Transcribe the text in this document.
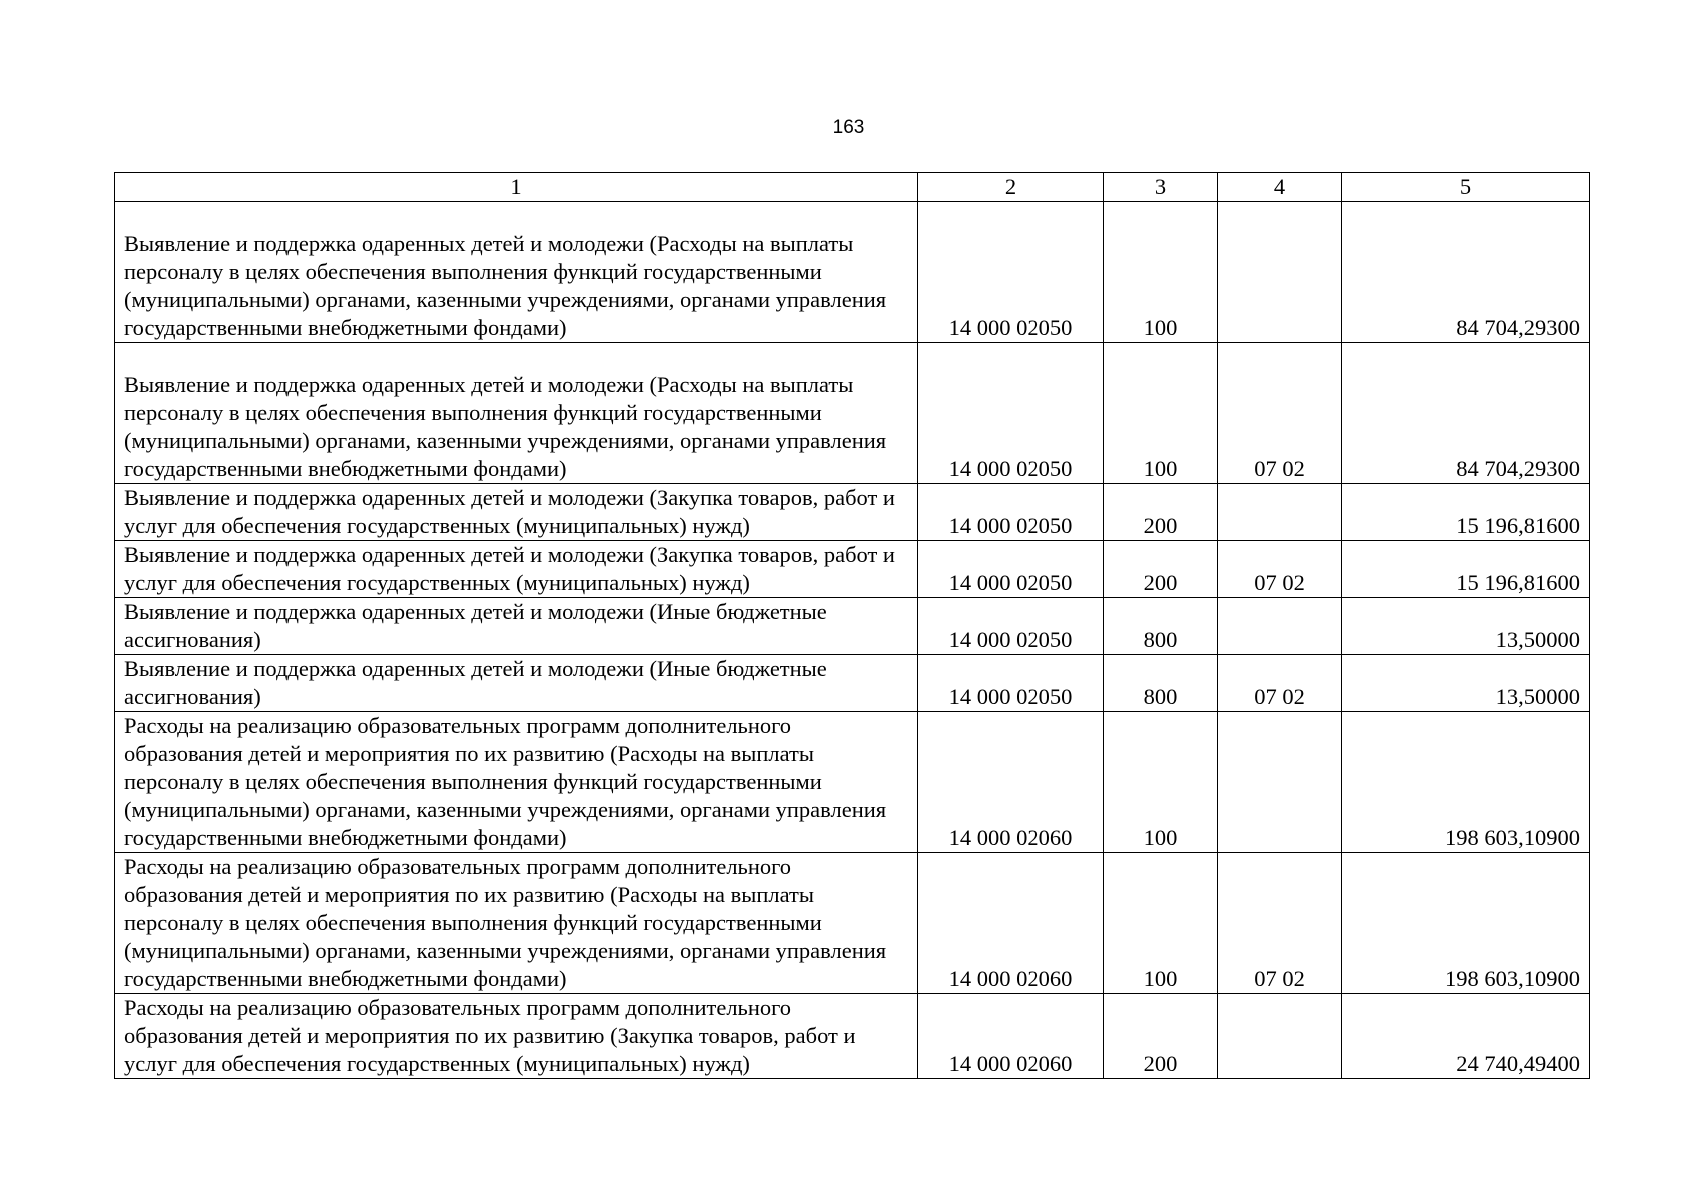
163
1	2	3	4	5
Выявление и поддержка одаренных детей и молодежи (Расходы на выплаты персоналу в целях обеспечения выполнения функций государственными (муниципальными) органами, казенными учреждениями, органами управления государственными внебюджетными фондами)	14 000 02050	100		84 704,29300
Выявление и поддержка одаренных детей и молодежи (Расходы на выплаты персоналу в целях обеспечения выполнения функций государственными (муниципальными) органами, казенными учреждениями, органами управления государственными внебюджетными фондами)	14 000 02050	100	07 02	84 704,29300
Выявление и поддержка одаренных детей и молодежи (Закупка товаров, работ и услуг для обеспечения государственных (муниципальных) нужд)	14 000 02050	200		15 196,81600
Выявление и поддержка одаренных детей и молодежи (Закупка товаров, работ и услуг для обеспечения государственных (муниципальных) нужд)	14 000 02050	200	07 02	15 196,81600
Выявление и поддержка одаренных детей и молодежи (Иные бюджетные ассигнования)	14 000 02050	800		13,50000
Выявление и поддержка одаренных детей и молодежи (Иные бюджетные ассигнования)	14 000 02050	800	07 02	13,50000
Расходы на реализацию образовательных программ дополнительного образования детей и мероприятия по их развитию (Расходы на выплаты персоналу в целях обеспечения выполнения функций государственными (муниципальными) органами, казенными учреждениями, органами управления государственными внебюджетными фондами)	14 000 02060	100		198 603,10900
Расходы на реализацию образовательных программ дополнительного образования детей и мероприятия по их развитию (Расходы на выплаты персоналу в целях обеспечения выполнения функций государственными (муниципальными) органами, казенными учреждениями, органами управления государственными внебюджетными фондами)	14 000 02060	100	07 02	198 603,10900
Расходы на реализацию образовательных программ дополнительного образования детей и мероприятия по их развитию (Закупка товаров, работ и услуг для обеспечения государственных (муниципальных) нужд)	14 000 02060	200		24 740,49400
